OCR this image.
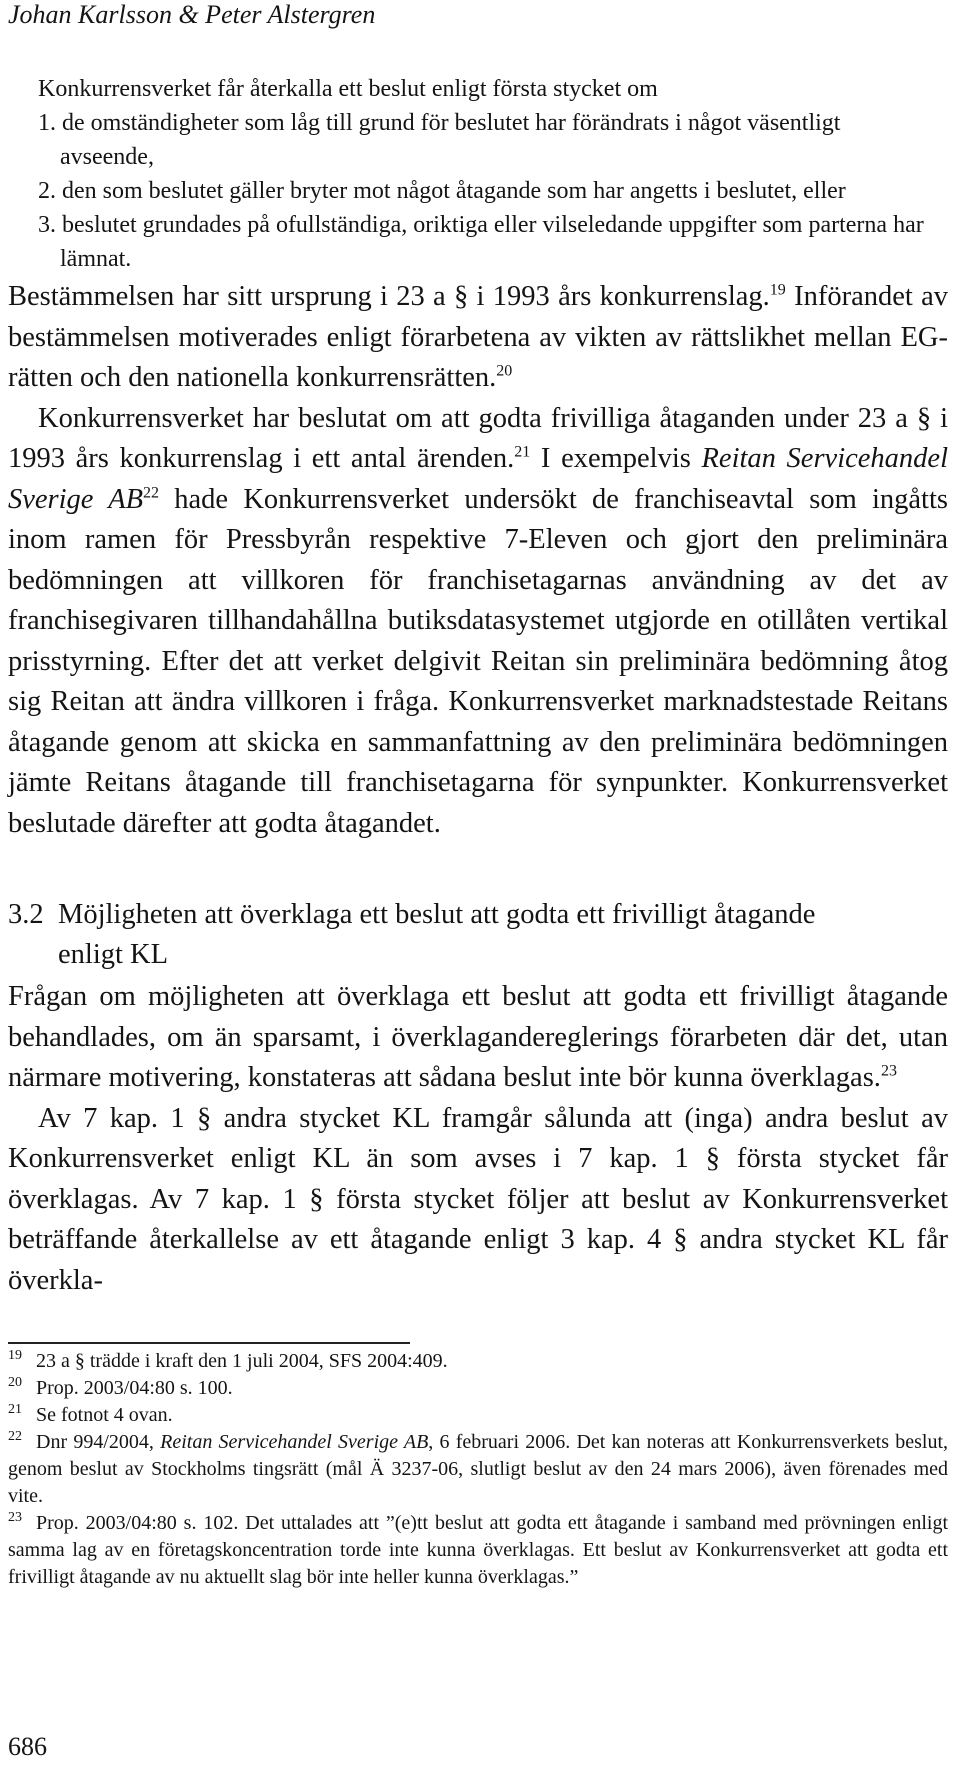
Johan Karlsson & Peter Alstergren

Konkurrensverket får återkalla ett beslut enligt första stycket om

1. de omständigheter som låg till grund för beslutet har förändrats i något väsentligt avseende,
2. den som beslutet gäller bryter mot något åtagande som har angetts i beslutet, eller
3. beslutet grundades på ofullständiga, oriktiga eller vilseledande uppgifter som parterna har lämnat.

Bestämmelsen har sitt ursprung i 23 a § i 1993 års konkurrenslag.$^{19}$ Införandet av bestämmelsen motiverades enligt förarbetena av vikten av rättslikhet mellan EG-rätten och den nationella konkurrensrätten.$^{20}$

Konkurrensverket har beslutat om att godta frivilliga åtaganden under 23 a § i 1993 års konkurrenslag i ett antal ärenden.$^{21}$ I exempelvis Reitan Servicehandel Sverige AB$^{22}$ hade Konkurrensverket undersökt de franchiseavtal som ingåtts inom ramen för Pressbyrån respektive 7-Eleven och gjort den preliminära bedömningen att villkoren för franchisetagarnas användning av det av franchisegivaren tillhandahållna butiksdatasystemet utgjorde en otillåten vertikal prisstyrning. Efter det att verket delgivit Reitan sin preliminära bedömning åtog sig Reitan att ändra villkoren i fråga. Konkurrensverket marknadstestade Reitans åtagande genom att skicka en sammanfattning av den preliminära bedömningen jämte Reitans åtagande till franchisetagarna för synpunkter. Konkurrensverket beslutade därefter att godta åtagandet.

3.2 Möjligheten att överklaga ett beslut att godta ett frivilligt åtagande
enligt KL

Frågan om möjligheten att överklaga ett beslut att godta ett frivilligt åtagande behandlades, om än sparsamt, i överklagandereglerings förarbeten där det, utan närmare motivering, konstateras att sådana beslut inte bör kunna överklagas.$^{23}$

Av 7 kap. 1 § andra stycket KL framgår sålunda att (inga) andra beslut av Konkurrensverket enligt KL än som avses i 7 kap. 1 § första stycket får överklagas. Av 7 kap. 1 § första stycket följer att beslut av Konkurrensverket beträffande återkallelse av ett åtagande enligt 3 kap. 4 § andra stycket KL får överkla-

$^{19}$ 23 a § trädde i kraft den 1 juli 2004, SFS 2004:409.

$^{20}$ Prop. 2003/04:80 s. 100.

$^{21}$ Se fotnot 4 ovan.

$^{22}$ Dnr 994/2004, Reitan Servicehandel Sverige AB, 6 februari 2006. Det kan noteras att Konkurrensverkets beslut, genom beslut av Stockholms tingsrätt (mål Ä 3237-06, slutligt beslut av den 24 mars 2006), även förenades med vite.

$^{23}$ Prop. 2003/04:80 s. 102. Det uttalades att ”(e)tt beslut att godta ett åtagande i samband med prövningen enligt samma lag av en företagskoncentration torde inte kunna överklagas. Ett beslut av Konkurrensverket att godta ett frivilligt åtagande av nu aktuellt slag bör inte heller kunna överklagas.”

686
